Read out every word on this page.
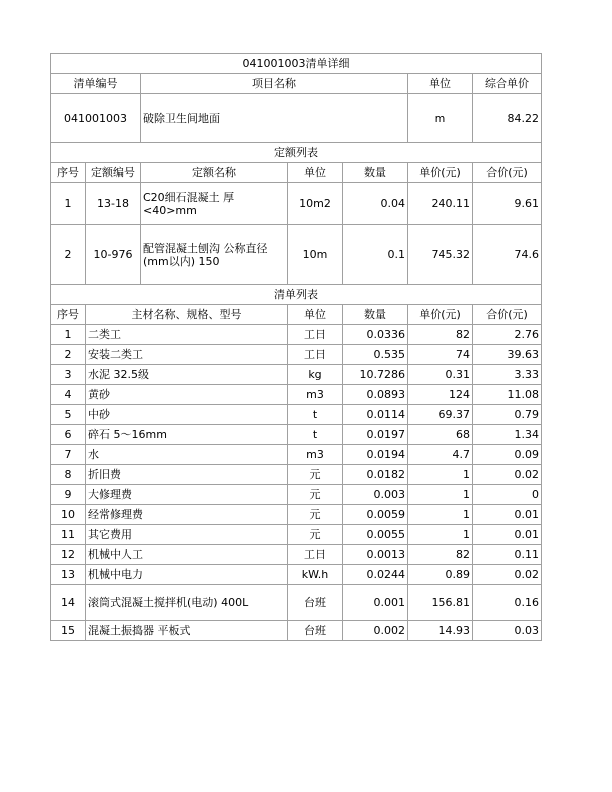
041001003清单详细						
清单编号		项目名称			单位	综合单价
041001003		破除卫生间地面			m	84.22
定额列表						
序号	定额编号	定额名称	单位	数量	单价(元)	合价(元)
1	13-18	C20细石混凝土 厚<40>mm	10m2	0.04	240.11	9.61
2	10-976	配管混凝土刨沟 公称直径(mm以内) 150	10m	0.1	745.32	74.6
清单列表						
序号	主材名称、规格、型号		单位	数量	单价(元)	合价(元)
1	二类工		工日	0.0336	82	2.76
2	安装二类工		工日	0.535	74	39.63
3	水泥 32.5级		kg	10.7286	0.31	3.33
4	黄砂		m3	0.0893	124	11.08
5	中砂		t	0.0114	69.37	0.79
6	碎石 5～16mm		t	0.0197	68	1.34
7	水		m3	0.0194	4.7	0.09
8	折旧费		元	0.0182	1	0.02
9	大修理费		元	0.003	1	0
10	经常修理费		元	0.0059	1	0.01
11	其它费用		元	0.0055	1	0.01
12	机械中人工		工日	0.0013	82	0.11
13	机械中电力		kW.h	0.0244	0.89	0.02
14	滚筒式混凝土搅拌机(电动) 400L		台班	0.001	156.81	0.16
15	混凝土振捣器 平板式		台班	0.002	14.93	0.03
